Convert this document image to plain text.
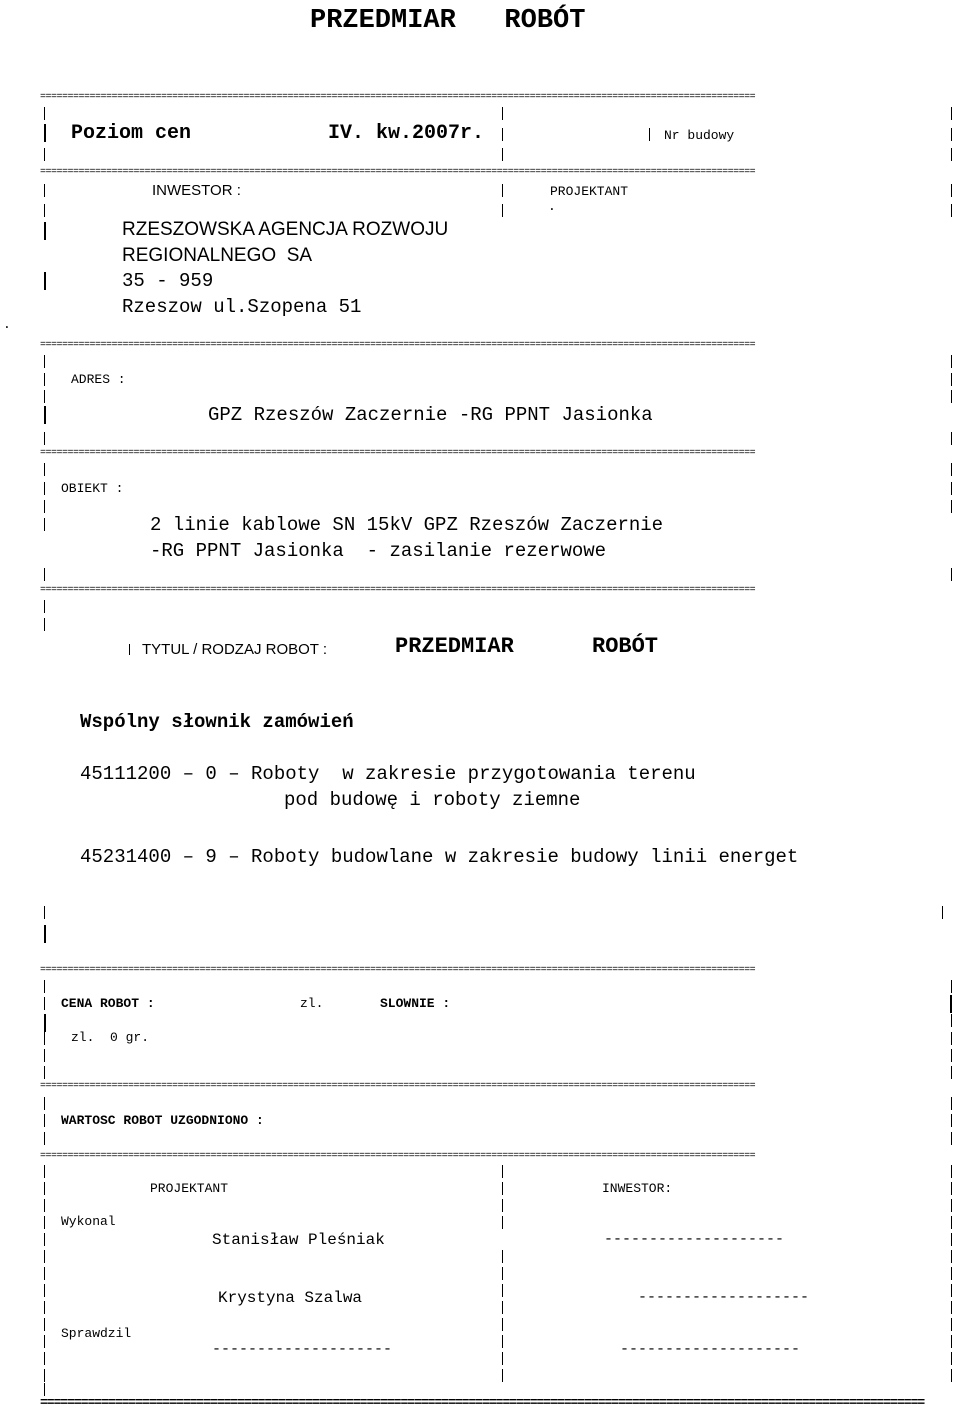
PRZEDMIAR   ROBÓT
==================================================================================================================================
==================================================================================================================================
==================================================================================================================================
==================================================================================================================================
==================================================================================================================================
==================================================================================================================================
==================================================================================================================================
==================================================================================================================================
==================================================================================================================================
Poziom cen	IV. kw.2007r.	Nr budowy
INWESTOR :	PROJEKTANT
.
RZESZOWSKA AGENCJA ROZWOJU
REGIONALNEGO  SA
35 - 959
Rzeszow ul.Szopena 51
.
ADRES :
GPZ Rzeszów Zaczernie -RG PPNT Jasionka
OBIEKT :
2 linie kablowe SN 15kV GPZ Rzeszów Zaczernie
-RG PPNT Jasionka  - zasilanie rezerwowe
TYTUL / RODZAJ ROBOT :	PRZEDMIAR	ROBÓT
Wspólny słownik zamówień
45111200 – 0 – Roboty  w zakresie przygotowania terenu
pod budowę i roboty ziemne
45231400 – 9 – Roboty budowlane w zakresie budowy linii energet
CENA ROBOT :	zl.	SLOWNIE :
zl.  0 gr.
WARTOSC ROBOT UZGODNIONO :
PROJEKTANT	INWESTOR:
Wykonal
Stanisław Pleśniak	--------------------
Krystyna Szalwa	-------------------
Sprawdzil
--------------------	--------------------
